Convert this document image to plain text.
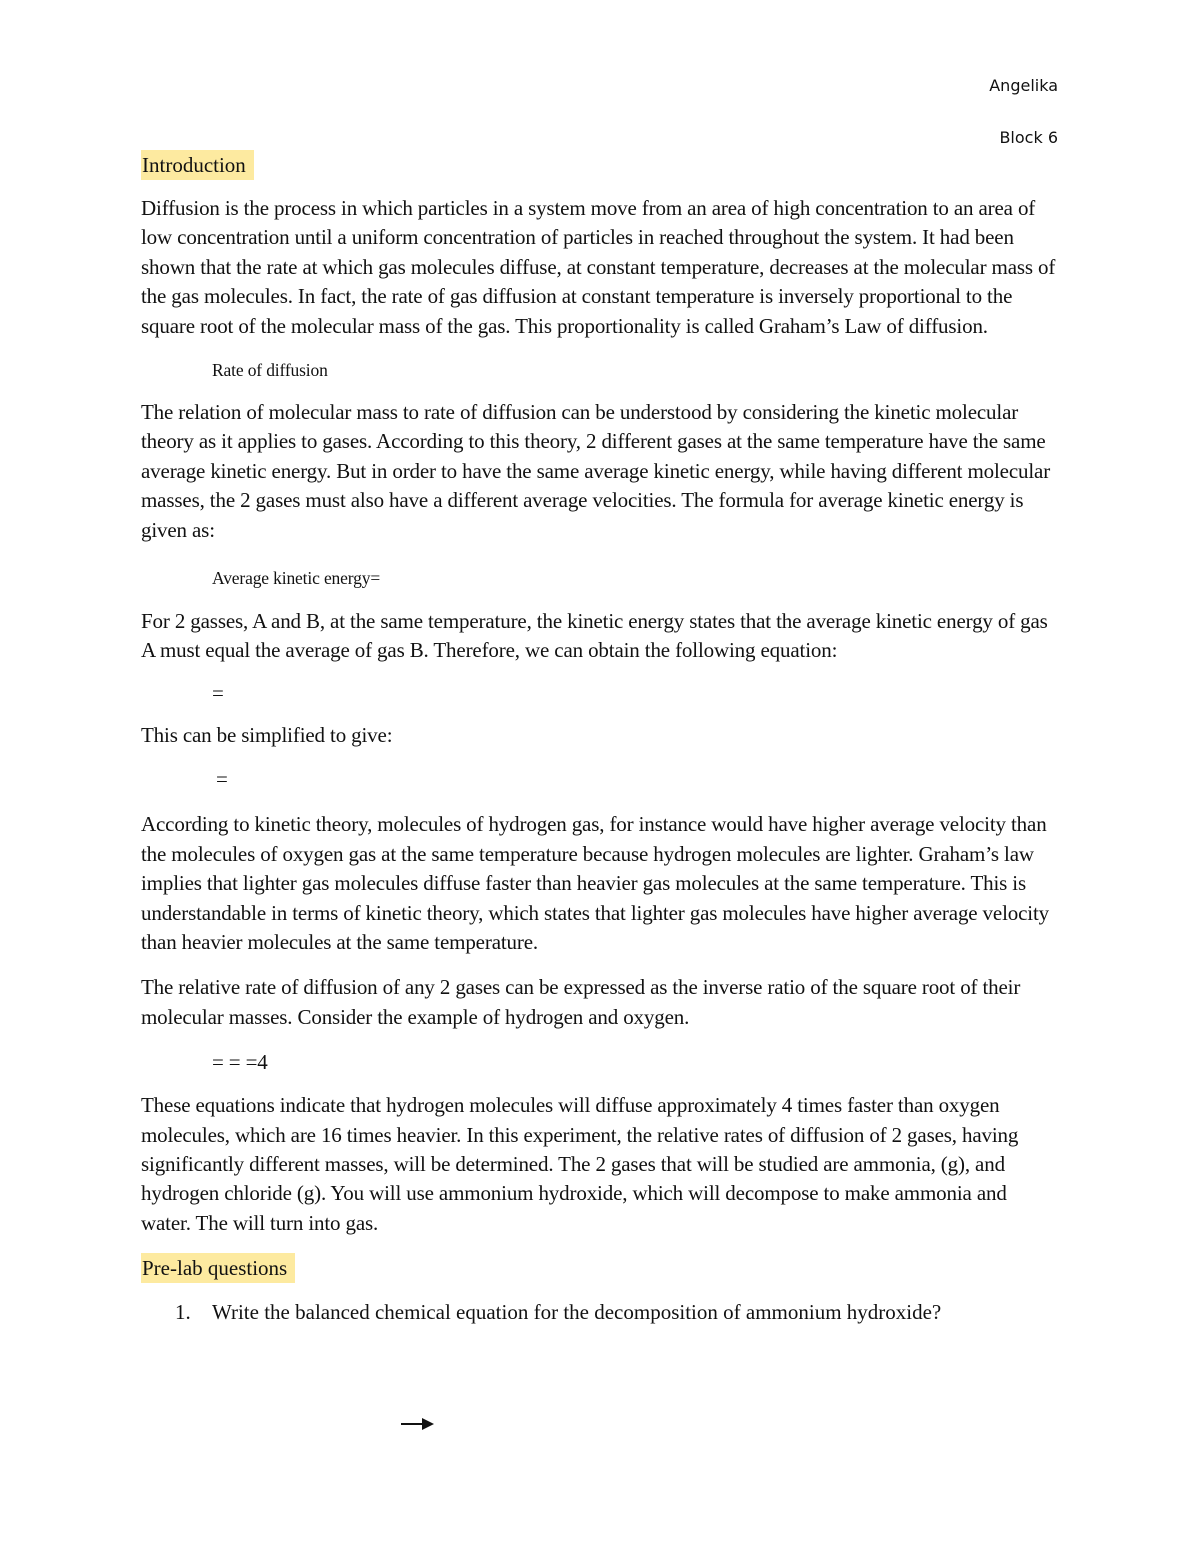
Angelika
Block 6
Introduction

Diffusion is the process in which particles in a system move from an area of high concentration to an area of low concentration until a uniform concentration of particles in reached throughout the system. It had been shown that the rate at which gas molecules diffuse, at constant temperature, decreases at the molecular mass of the gas molecules. In fact, the rate of gas diffusion at constant temperature is inversely proportional to the square root of the molecular mass of the gas. This proportionality is called Graham’s Law of diffusion.

Rate of diffusion

The relation of molecular mass to rate of diffusion can be understood by considering the kinetic molecular theory as it applies to gases. According to this theory, 2 different gases at the same temperature have the same average kinetic energy. But in order to have the same average kinetic energy, while having different molecular masses, the 2 gases must also have a different average velocities. The formula for average kinetic energy is given as:

Average kinetic energy=

For 2 gasses, A and B, at the same temperature, the kinetic energy states that the average kinetic energy of gas A must equal the average of gas B. Therefore, we can obtain the following equation:

=

This can be simplified to give:

=

According to kinetic theory, molecules of hydrogen gas, for instance would have higher average velocity than the molecules of oxygen gas at the same temperature because hydrogen molecules are lighter. Graham’s law implies that lighter gas molecules diffuse faster than heavier gas molecules at the same temperature. This is understandable in terms of kinetic theory, which states that lighter gas molecules have higher average velocity than heavier molecules at the same temperature.

The relative rate of diffusion of any 2 gases can be expressed as the inverse ratio of the square root of their molecular masses. Consider the example of hydrogen and oxygen.

= = =4

These equations indicate that hydrogen molecules will diffuse approximately 4 times faster than oxygen molecules, which are 16 times heavier. In this experiment, the relative rates of diffusion of 2 gases, having significantly different masses, will be determined. The 2 gases that will be studied are ammonia, (g), and hydrogen chloride (g). You will use ammonium hydroxide, which will decompose to make ammonia and water. The will turn into gas.

Pre-lab questions
1. Write the balanced chemical equation for the decomposition of ammonium hydroxide?
